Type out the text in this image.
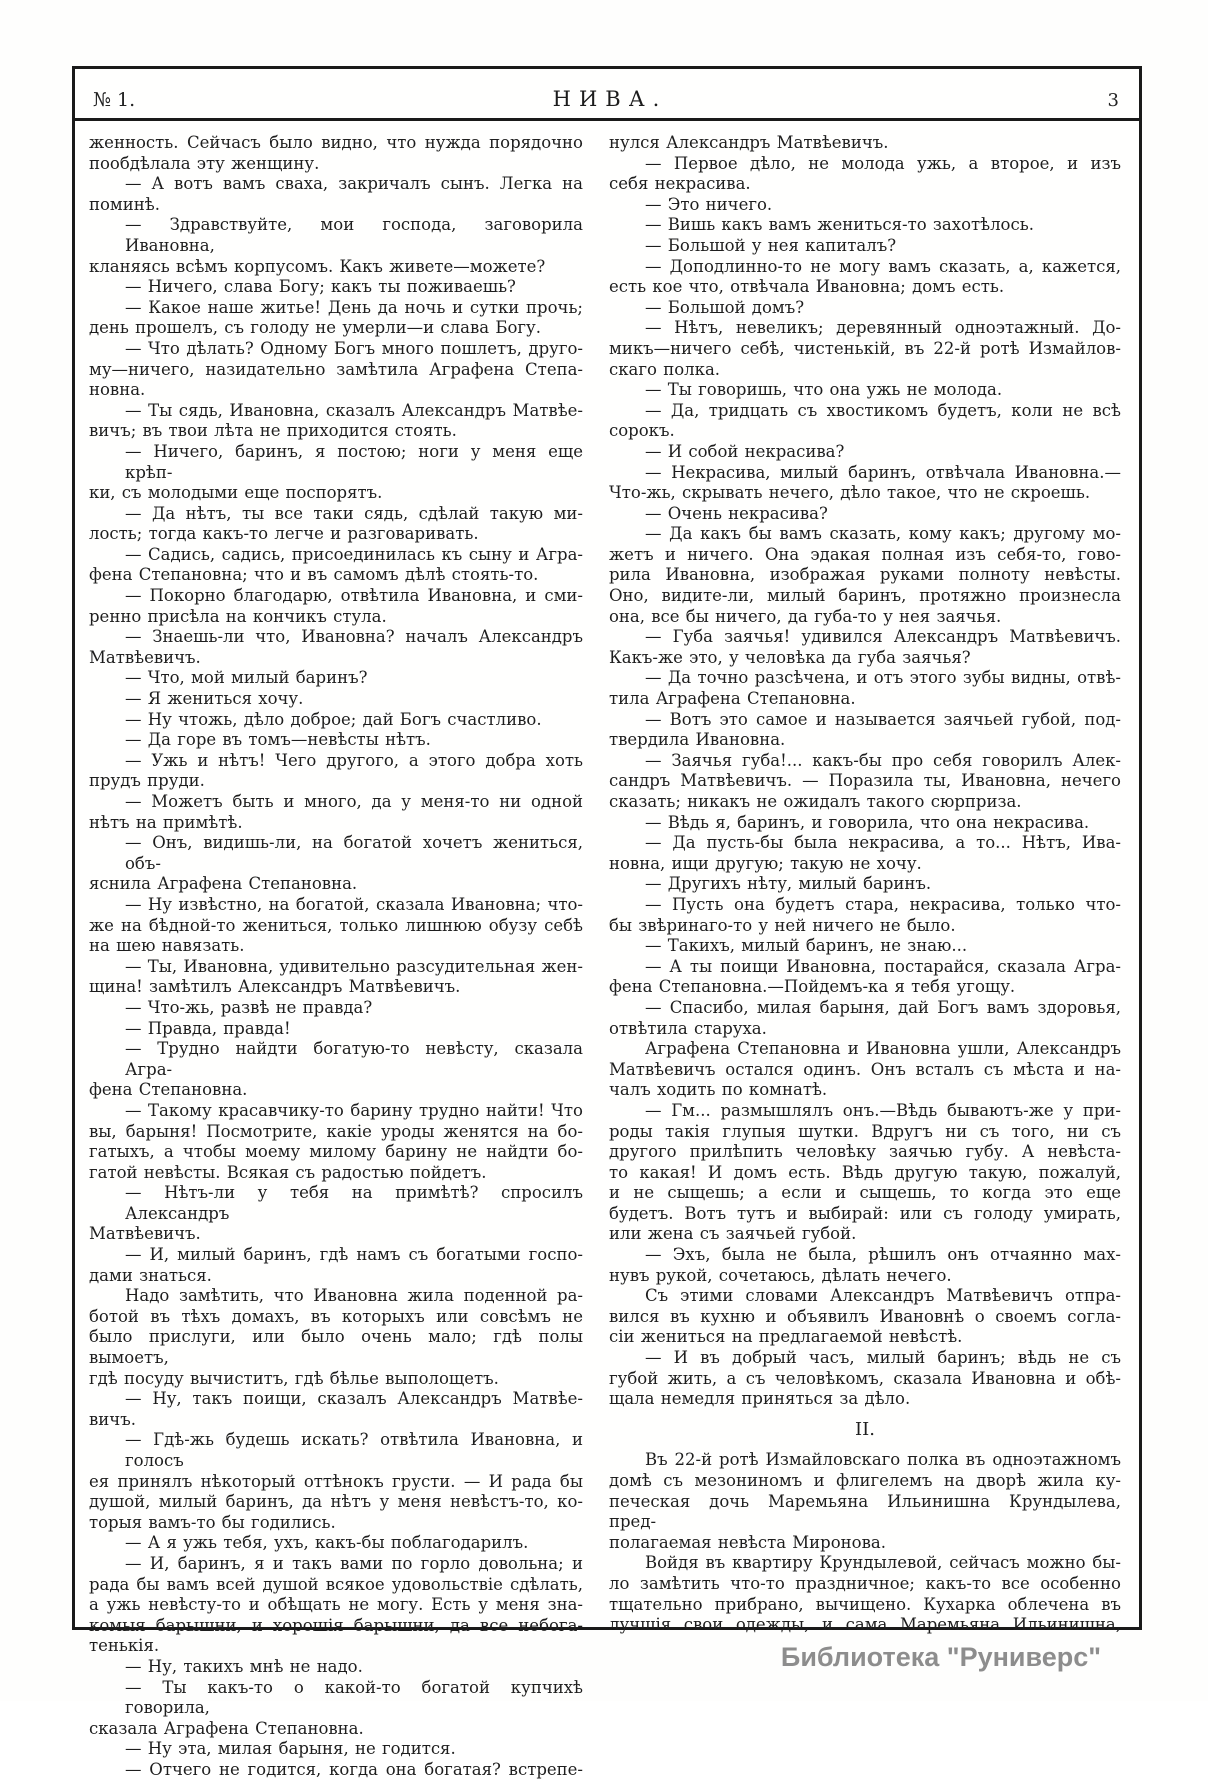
№ 1.	НИВА.	3
женность. Сейчасъ было видно, что нужда порядочно
пообдѣлала эту женщину.
— А вотъ вамъ сваха, закричалъ сынъ. Легка на
поминѣ.
— Здравствуйте, мои господа, заговорила Ивановна,
кланяясь всѣмъ корпусомъ. Какъ живете—можете?
— Ничего, слава Богу; какъ ты поживаешь?
— Какое наше житье! День да ночь и сутки прочь;
день прошелъ, съ голоду не умерли—и слава Богу.
— Что дѣлать? Одному Богъ много пошлетъ, друго-
му—ничего, назидательно замѣтила Аграфена Степа-
новна.
— Ты сядь, Ивановна, сказалъ Александръ Матвѣе-
вичъ; въ твои лѣта не приходится стоять.
— Ничего, баринъ, я постою; ноги у меня еще крѣп-
ки, съ молодыми еще поспорятъ.
— Да нѣтъ, ты все таки сядь, сдѣлай такую ми-
лость; тогда какъ-то легче и разговаривать.
— Садись, садись, присоединилась къ сыну и Агра-
фена Степановна; что и въ самомъ дѣлѣ стоять-то.
— Покорно благодарю, отвѣтила Ивановна, и сми-
ренно присѣла на кончикъ стула.
— Знаешь-ли что, Ивановна? началъ Александръ
Матвѣевичъ.
— Что, мой милый баринъ?
— Я жениться хочу.
— Ну чтожь, дѣло доброе; дай Богъ счастливо.
— Да горе въ томъ—невѣсты нѣтъ.
— Ужь и нѣтъ! Чего другого, а этого добра хоть
прудъ пруди.
— Можетъ быть и много, да у меня-то ни одной
нѣтъ на примѣтѣ.
— Онъ, видишь-ли, на богатой хочетъ жениться, объ-
яснила Аграфена Степановна.
— Ну извѣстно, на богатой, сказала Ивановна; что-
же на бѣдной-то жениться, только лишнюю обузу себѣ
на шею навязать.
— Ты, Ивановна, удивительно разсудительная жен-
щина! замѣтилъ Александръ Матвѣевичъ.
— Что-жь, развѣ не правда?
— Правда, правда!
— Трудно найдти богатую-то невѣсту, сказала Агра-
фена Степановна.
— Такому красавчику-то барину трудно найти! Что
вы, барыня! Посмотрите, какіе уроды женятся на бо-
гатыхъ, а чтобы моему милому барину не найдти бо-
гатой невѣсты. Всякая съ радостью пойдетъ.
— Нѣтъ-ли у тебя на примѣтѣ? спросилъ Александръ
Матвѣевичъ.
— И, милый баринъ, гдѣ намъ съ богатыми госпо-
дами знаться.
Надо замѣтить, что Ивановна жила поденной ра-
ботой въ тѣхъ домахъ, въ которыхъ или совсѣмъ не
было прислуги, или было очень мало; гдѣ полы вымоетъ,
гдѣ посуду вычиститъ, гдѣ бѣлье выполощетъ.
— Ну, такъ поищи, сказалъ Александръ Матвѣе-
вичъ.
— Гдѣ-жь будешь искать? отвѣтила Ивановна, и голосъ
ея принялъ нѣкоторый оттѣнокъ грусти. — И рада бы
душой, милый баринъ, да нѣтъ у меня невѣстъ-то, ко-
торыя вамъ-то бы годились.
— А я ужь тебя, ухъ, какъ-бы поблагодарилъ.
— И, баринъ, я и такъ вами по горло довольна; и
рада бы вамъ всей душой всякое удовольствіе сдѣлать,
а ужь невѣсту-то и обѣщать не могу. Есть у меня зна-
комыя барышни, и хорошія барышни, да все небога-
тенькія.
— Ну, такихъ мнѣ не надо.
— Ты какъ-то о какой-то богатой купчихѣ говорила,
сказала Аграфена Степановна.
— Ну эта, милая барыня, не годится.
— Отчего не годится, когда она богатая? встрепе-
нулся Александръ Матвѣевичъ.
— Первое дѣло, не молода ужь, а второе, и изъ
себя некрасива.
— Это ничего.
— Вишь какъ вамъ жениться-то захотѣлось.
— Большой у нея капиталъ?
— Доподлинно-то не могу вамъ сказать, а, кажется,
есть кое что, отвѣчала Ивановна; домъ есть.
— Большой домъ?
— Нѣтъ, невеликъ; деревянный одноэтажный. До-
микъ—ничего себѣ, чистенькій, въ 22-й ротѣ Измайлов-
скаго полка.
— Ты говоришь, что она ужь не молода.
— Да, тридцать съ хвостикомъ будетъ, коли не всѣ
сорокъ.
— И собой некрасива?
— Некрасива, милый баринъ, отвѣчала Ивановна.—
Что-жь, скрывать нечего, дѣло такое, что не скроешь.
— Очень некрасива?
— Да какъ бы вамъ сказать, кому какъ; другому мо-
жетъ и ничего. Она эдакая полная изъ себя-то, гово-
рила Ивановна, изображая руками полноту невѣсты.
Оно, видите-ли, милый баринъ, протяжно произнесла
она, все бы ничего, да губа-то у нея заячья.
— Губа заячья! удивился Александръ Матвѣевичъ.
Какъ-же это, у человѣка да губа заячья?
— Да точно разсѣчена, и отъ этого зубы видны, отвѣ-
тила Аграфена Степановна.
— Вотъ это самое и называется заячьей губой, под-
твердила Ивановна.
— Заячья губа!... какъ-бы про себя говорилъ Алек-
сандръ Матвѣевичъ. — Поразила ты, Ивановна, нечего
сказать; никакъ не ожидалъ такого сюрприза.
— Вѣдь я, баринъ, и говорила, что она некрасива.
— Да пусть-бы была некрасива, а то... Нѣтъ, Ива-
новна, ищи другую; такую не хочу.
— Другихъ нѣту, милый баринъ.
— Пусть она будетъ стара, некрасива, только что-
бы звѣринаго-то у ней ничего не было.
— Такихъ, милый баринъ, не знаю...
— А ты поищи Ивановна, постарайся, сказала Агра-
фена Степановна.—Пойдемъ-ка я тебя угощу.
— Спасибо, милая барыня, дай Богъ вамъ здоровья,
отвѣтила старуха.
Аграфена Степановна и Ивановна ушли, Александръ
Матвѣевичъ остался одинъ. Онъ всталъ съ мѣста и на-
чалъ ходить по комнатѣ.
— Гм... размышлялъ онъ.—Вѣдь бываютъ-же у при-
роды такія глупыя шутки. Вдругъ ни съ того, ни съ
другого прилѣпить человѣку заячью губу. А невѣста-
то какая! И домъ есть. Вѣдь другую такую, пожалуй,
и не сыщешь; а если и сыщешь, то когда это еще
будетъ. Вотъ тутъ и выбирай: или съ голоду умирать,
или жена съ заячьей губой.
— Эхъ, была не была, рѣшилъ онъ отчаянно мах-
нувъ рукой, сочетаюсь, дѣлать нечего.
Съ этими словами Александръ Матвѣевичъ отпра-
вился въ кухню и объявилъ Ивановнѣ о своемъ согла-
сіи жениться на предлагаемой невѣстѣ.
— И въ добрый часъ, милый баринъ; вѣдь не съ
губой жить, а съ человѣкомъ, сказала Ивановна и обѣ-
щала немедля приняться за дѣло.
II.
Въ 22-й ротѣ Измайловскаго полка въ одноэтажномъ
домѣ съ мезониномъ и флигелемъ на дворѣ жила ку-
печеская дочь Маремьяна Ильинишна Крундылева, пред-
полагаемая невѣста Миронова.
Войдя въ квартиру Крундылевой, сейчасъ можно бы-
ло замѣтить что-то праздничное; какъ-то все особенно
тщательно прибрано, вычищено. Кухарка облечена въ
лучшія свои одежды, и сама Маремьяна Ильинишна,
Библиотека "Руниверс"
